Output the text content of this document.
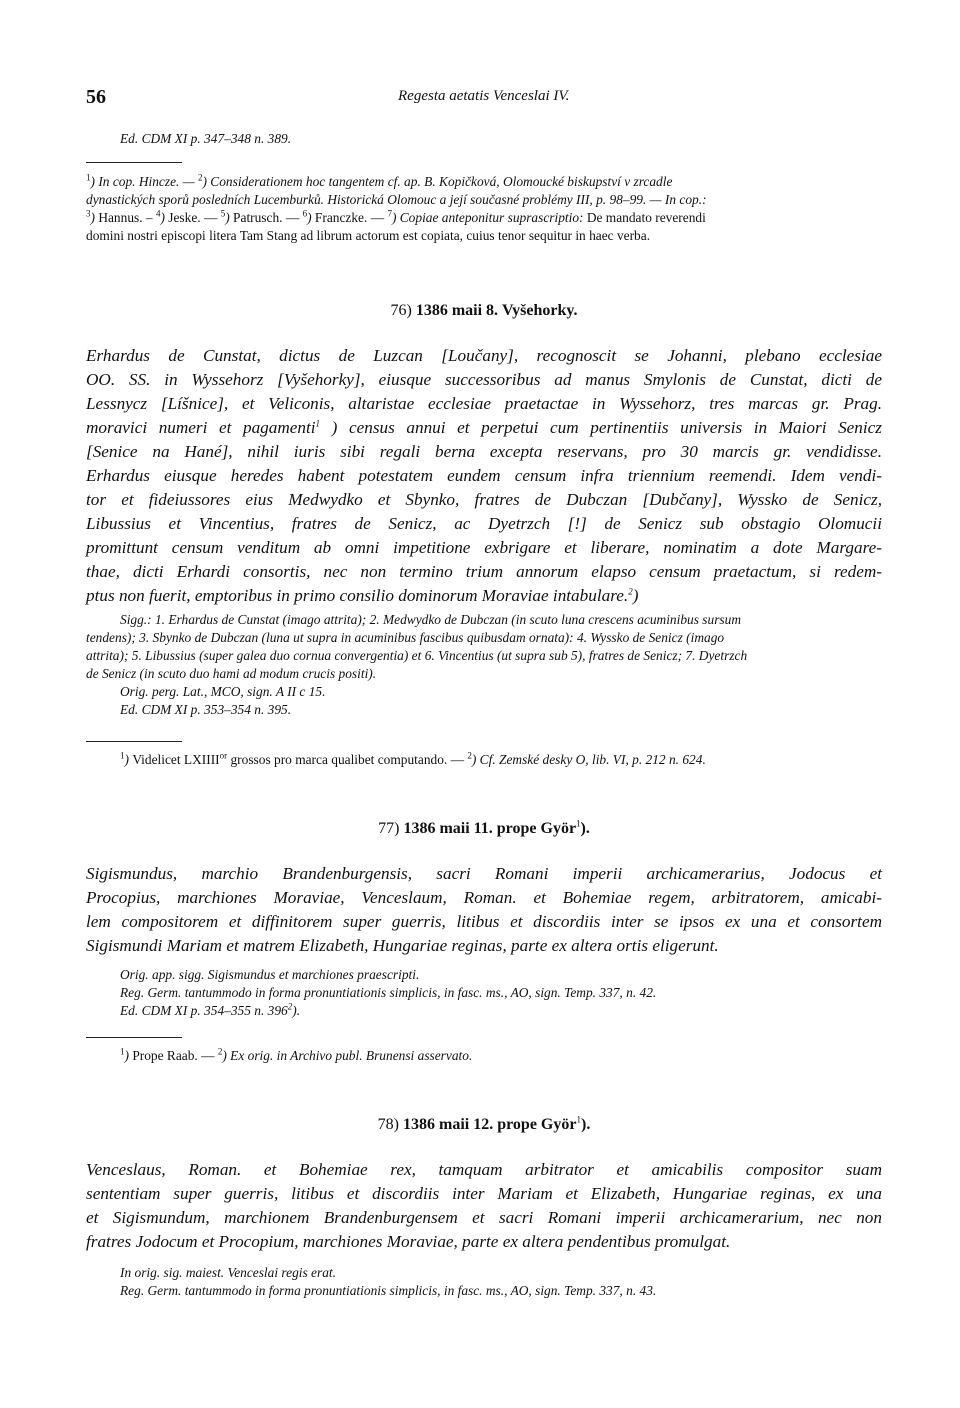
56	Regesta aetatis Venceslai IV.
Ed. CDM XI p. 347–348 n. 389.
$^1$) In cop. Hincze. — $^2$) Considerationem hoc tangentem cf. ap. B. Kopičková, Olomoucké biskupství v zrcadle
dynastických sporů posledních Lucemburků. Historická Olomouc a její současné problémy III, p. 98–99. — In cop.:
$^3$) Hannus. – $^4$) Jeske. — $^5$) Patrusch. — $^6$) Franczke. — $^7$) Copiae anteponitur suprascriptio: De mandato reverendi
domini nostri episcopi litera Tam Stang ad librum actorum est copiata, cuius tenor sequitur in haec verba.
76) 1386 maii 8. Vyšehorky.
Erhardus de Cunstat, dictus de Luzcan [Loučany], recognoscit se Johanni, plebano ecclesiae
OO. SS. in Wyssehorz [Vyšehorky], eiusque successoribus ad manus Smylonis de Cunstat, dicti de
Lessnycz [Líšnice], et Veliconis, altaristae ecclesiae praetactae in Wyssehorz, tres marcas gr. Prag.
moravici numeri et pagamenti$^1$ ) census annui et perpetui cum pertinentiis universis in Maiori Senicz
[Senice na Hané], nihil iuris sibi regali berna excepta reservans, pro 30 marcis gr. vendidisse.
Erhardus eiusque heredes habent potestatem eundem censum infra triennium reemendi. Idem vendi-
tor et fideiussores eius Medwydko et Sbynko, fratres de Dubczan [Dubčany], Wyssko de Senicz,
Libussius et Vincentius, fratres de Senicz, ac Dyetrzch [!] de Senicz sub obstagio Olomucii
promittunt censum venditum ab omni impetitione exbrigare et liberare, nominatim a dote Margare-
thae, dicti Erhardi consortis, nec non termino trium annorum elapso censum praetactum, si redem-
ptus non fuerit, emptoribus in primo consilio dominorum Moraviae intabulare.$^2$)
Sigg.: 1. Erhardus de Cunstat (imago attrita); 2. Medwydko de Dubczan (in scuto luna crescens acuminibus sursum
tendens); 3. Sbynko de Dubczan (luna ut supra in acuminibus fascibus quibusdam ornata): 4. Wyssko de Senicz (imago
attrita); 5. Libussius (super galea duo cornua convergentia) et 6. Vincentius (ut supra sub 5), fratres de Senicz; 7. Dyetrzch
de Senicz (in scuto duo hami ad modum crucis positi).
Orig. perg. Lat., MCO, sign. A II c 15.
Ed. CDM XI p. 353–354 n. 395.
$^1$) Videlicet $LXIIII^{or}$ grossos pro marca qualibet computando. — $^2$) Cf. Zemské desky O, lib. VI, p. 212 n. 624.
77) 1386 maii 11. prope Györ$^1$).
Sigismundus, marchio Brandenburgensis, sacri Romani imperii archicamerarius, Jodocus et
Procopius, marchiones Moraviae, Venceslaum, Roman. et Bohemiae regem, arbitratorem, amicabi-
lem compositorem et diffinitorem super guerris, litibus et discordiis inter se ipsos ex una et consortem
Sigismundi Mariam et matrem Elizabeth, Hungariae reginas, parte ex altera ortis eligerunt.
Orig. app. sigg. Sigismundus et marchiones praescripti.
Reg. Germ. tantummodo in forma pronuntiationis simplicis, in fasc. ms., AO, sign. Temp. 337, n. 42.
Ed. CDM XI p. 354–355 n. $396^2$).
$^1$) Prope Raab. — $^2$) Ex orig. in Archivo publ. Brunensi asservato.
78) 1386 maii 12. prope Györ$^1$).
Venceslaus, Roman. et Bohemiae rex, tamquam arbitrator et amicabilis compositor suam
sententiam super guerris, litibus et discordiis inter Mariam et Elizabeth, Hungariae reginas, ex una
et Sigismundum, marchionem Brandenburgensem et sacri Romani imperii archicamerarium, nec non
fratres Jodocum et Procopium, marchiones Moraviae, parte ex altera pendentibus promulgat.
In orig. sig. maiest. Venceslai regis erat.
Reg. Germ. tantummodo in forma pronuntiationis simplicis, in fasc. ms., AO, sign. Temp. 337, n. 43.
